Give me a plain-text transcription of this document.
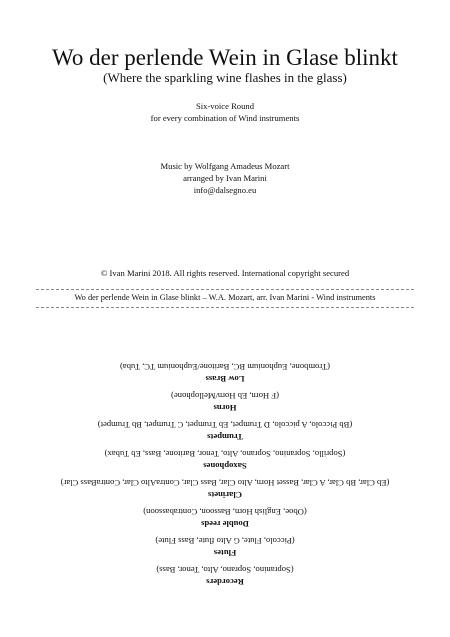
Wo der perlende Wein in Glase blinkt
(Where the sparkling wine flashes in the glass)
Six-voice Round
for every combination of Wind instruments
Music by Wolfgang Amadeus Mozart
arranged by Ivan Marini
info@dalsegno.eu
© Ivan Marini 2018. All rights reserved. International copyright secured
Wo der perlende Wein in Glase blinkt – W.A. Mozart, arr. Ivan Marini - Wind instruments
Recorders
(Sopranino, Soprano, Alto, Tenor, Bass)
Flutes
(Piccolo, Flute, G Alto flute, Bass Flute)
Double reeds
(Oboe, English Horn, Bassoon, Contrabassoon)
Clarinets
(Eb Clar, Bb Clar, A Clar, Basset Horn, Alto Clar, Bass Clar, ContraAlto Clar, ContraBass Clar)
Saxophones
(Soprillo, Sopranino, Soprano, Alto, Tenor, Baritone, Bass, Eb Tubax)
Trumpets
(Bb Piccolo, A piccolo, D Trumpet, Eb Trumpet, C Trumpet, Bb Trumpet)
Horns
(F Horn, Eb Horn/Mellophone)
Low Brass
(Trombone, Euphonium BC, Baritone/Euphonium TC, Tuba)
